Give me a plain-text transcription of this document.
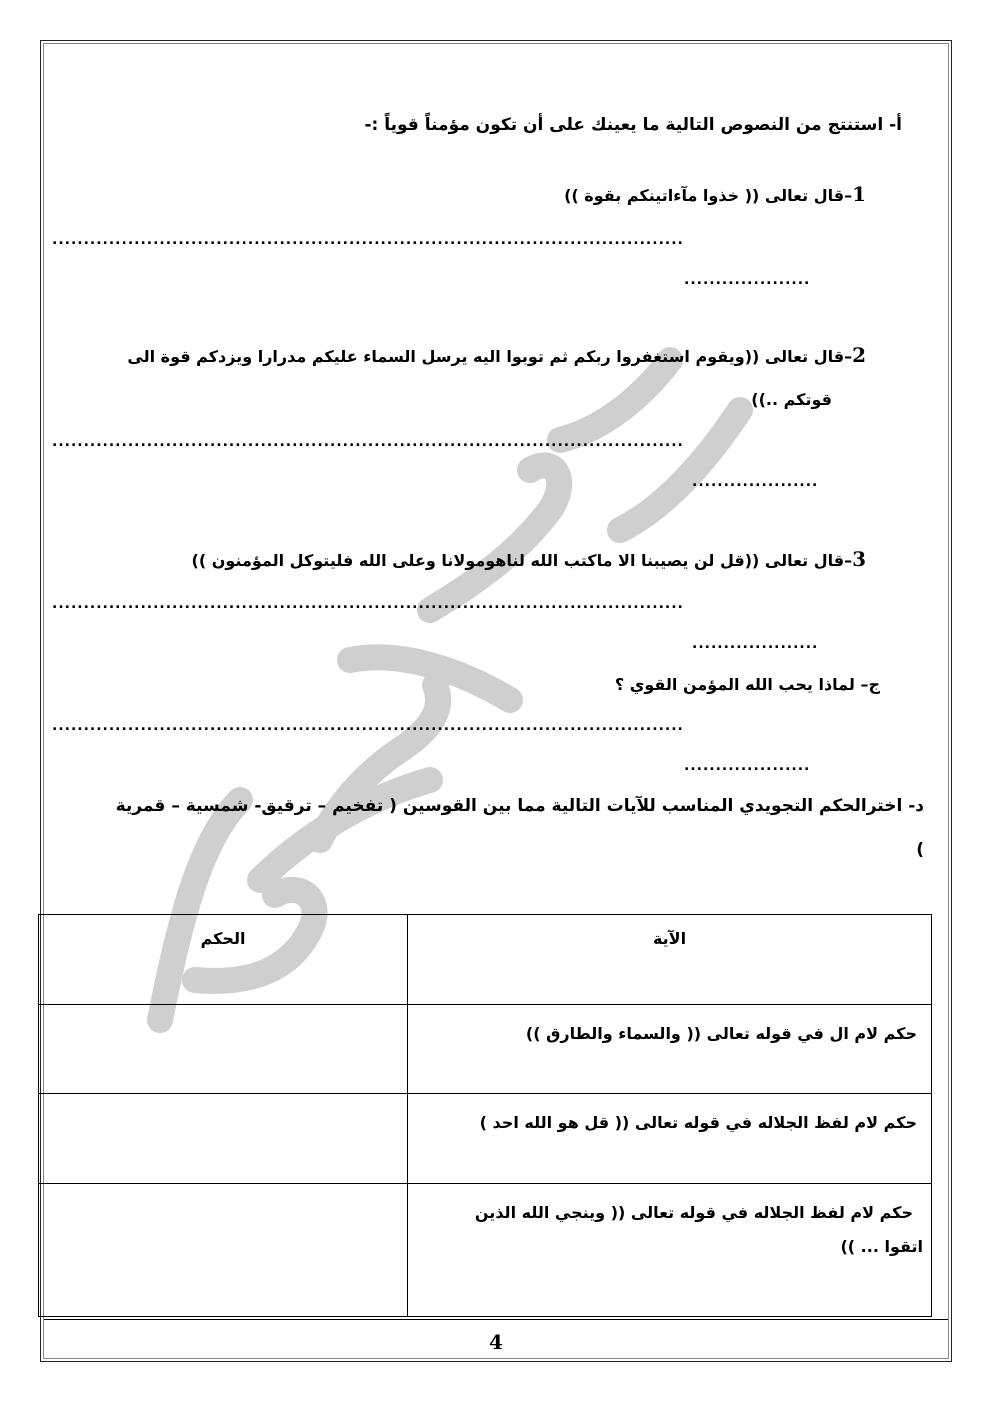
أ- استنتج من النصوص التالية ما يعينك على أن تكون مؤمناً قوياً :-
1–قال تعالى (( خذوا مآءاتينكم بقوة ))
....................................................................................................
....................
2–قال تعالى ((ويقوم استغفروا ربكم ثم توبوا اليه يرسل السماء عليكم مدرارا ويزدكم قوة الى
قوتكم ..))
....................................................................................................
....................
3–قال تعالى ((قل لن يصيبنا الا ماكتب الله لناهومولانا وعلى الله فليتوكل المؤمنون ))
....................................................................................................
....................
ج– لماذا يحب الله المؤمن القوي ؟
....................................................................................................
....................
د- اخترالحكم التجويدي المناسب للآيات التالية مما بين القوسين ( تفخيم – ترقيق- شمسية – قمرية
)
الحكم	الآية

	حكم لام ال في قوله تعالى (( والسماء والطارق ))

	حكم لام لفظ الجلاله في قوله تعالى (( قل هو الله احد )

	حكم لام لفظ الجلاله في قوله تعالى (( وينجي الله الذين
اتقوا ... ))
4
